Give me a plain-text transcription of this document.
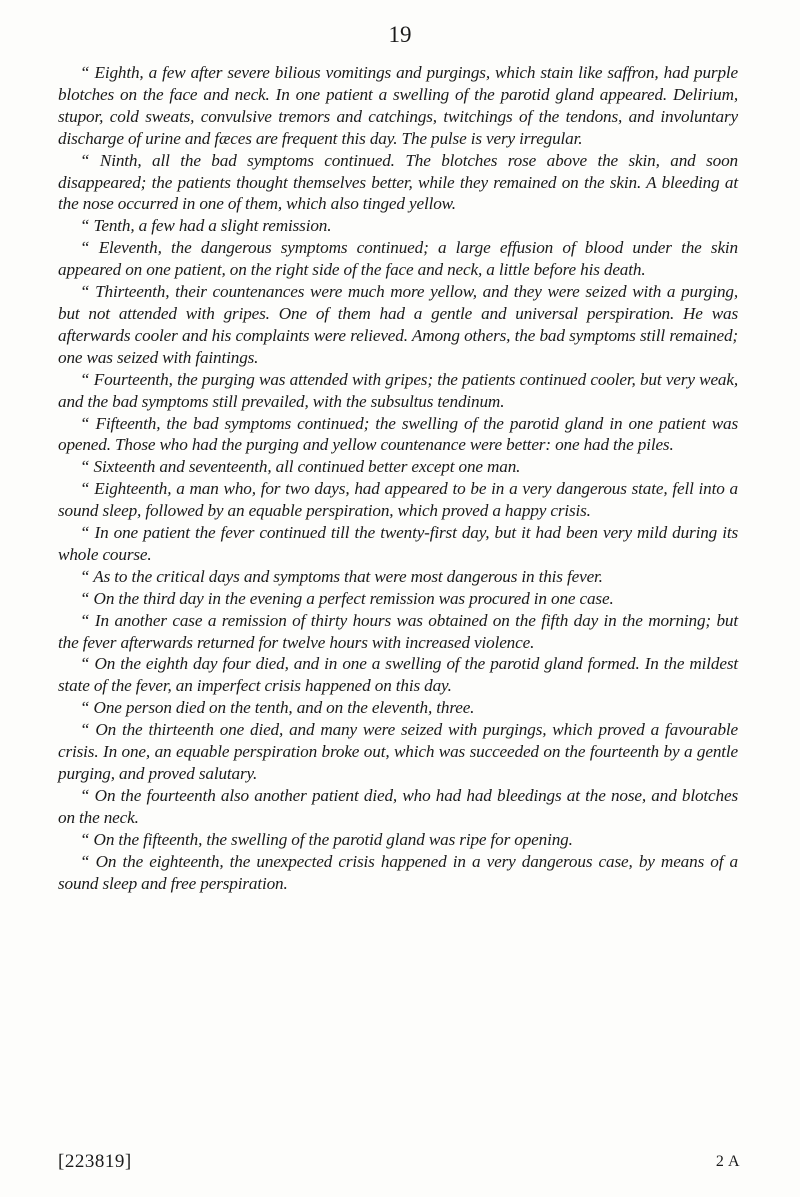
19

“ Eighth, a few after severe bilious vomitings and purgings, which stain like saffron, had purple blotches on the face and neck. In one patient a swelling of the parotid gland appeared. Delirium, stupor, cold sweats, convulsive tremors and catchings, twitchings of the tendons, and involuntary discharge of urine and fæces are frequent this day. The pulse is very irregular.

“ Ninth, all the bad symptoms continued. The blotches rose above the skin, and soon disappeared; the patients thought themselves better, while they remained on the skin. A bleeding at the nose occurred in one of them, which also tinged yellow.

“ Tenth, a few had a slight remission.

“ Eleventh, the dangerous symptoms continued; a large effusion of blood under the skin appeared on one patient, on the right side of the face and neck, a little before his death.

“ Thirteenth, their countenances were much more yellow, and they were seized with a purging, but not attended with gripes. One of them had a gentle and universal perspiration. He was afterwards cooler and his complaints were relieved. Among others, the bad symptoms still remained; one was seized with faintings.

“ Fourteenth, the purging was attended with gripes; the patients continued cooler, but very weak, and the bad symptoms still prevailed, with the subsultus tendinum.

“ Fifteenth, the bad symptoms continued; the swelling of the parotid gland in one patient was opened. Those who had the purging and yellow countenance were better: one had the piles.

“ Sixteenth and seventeenth, all continued better except one man.

“ Eighteenth, a man who, for two days, had appeared to be in a very dangerous state, fell into a sound sleep, followed by an equable perspiration, which proved a happy crisis.

“ In one patient the fever continued till the twenty-first day, but it had been very mild during its whole course.

“ As to the critical days and symptoms that were most dangerous in this fever.

“ On the third day in the evening a perfect remission was procured in one case.

“ In another case a remission of thirty hours was obtained on the fifth day in the morning; but the fever afterwards returned for twelve hours with increased violence.

“ On the eighth day four died, and in one a swelling of the parotid gland formed. In the mildest state of the fever, an imperfect crisis happened on this day.

“ One person died on the tenth, and on the eleventh, three.

“ On the thirteenth one died, and many were seized with purgings, which proved a favourable crisis. In one, an equable perspiration broke out, which was succeeded on the fourteenth by a gentle purging, and proved salutary.

“ On the fourteenth also another patient died, who had had bleedings at the nose, and blotches on the neck.

“ On the fifteenth, the swelling of the parotid gland was ripe for opening.

“ On the eighteenth, the unexpected crisis happened in a very dangerous case, by means of a sound sleep and free perspiration.

[223819]	2 A
